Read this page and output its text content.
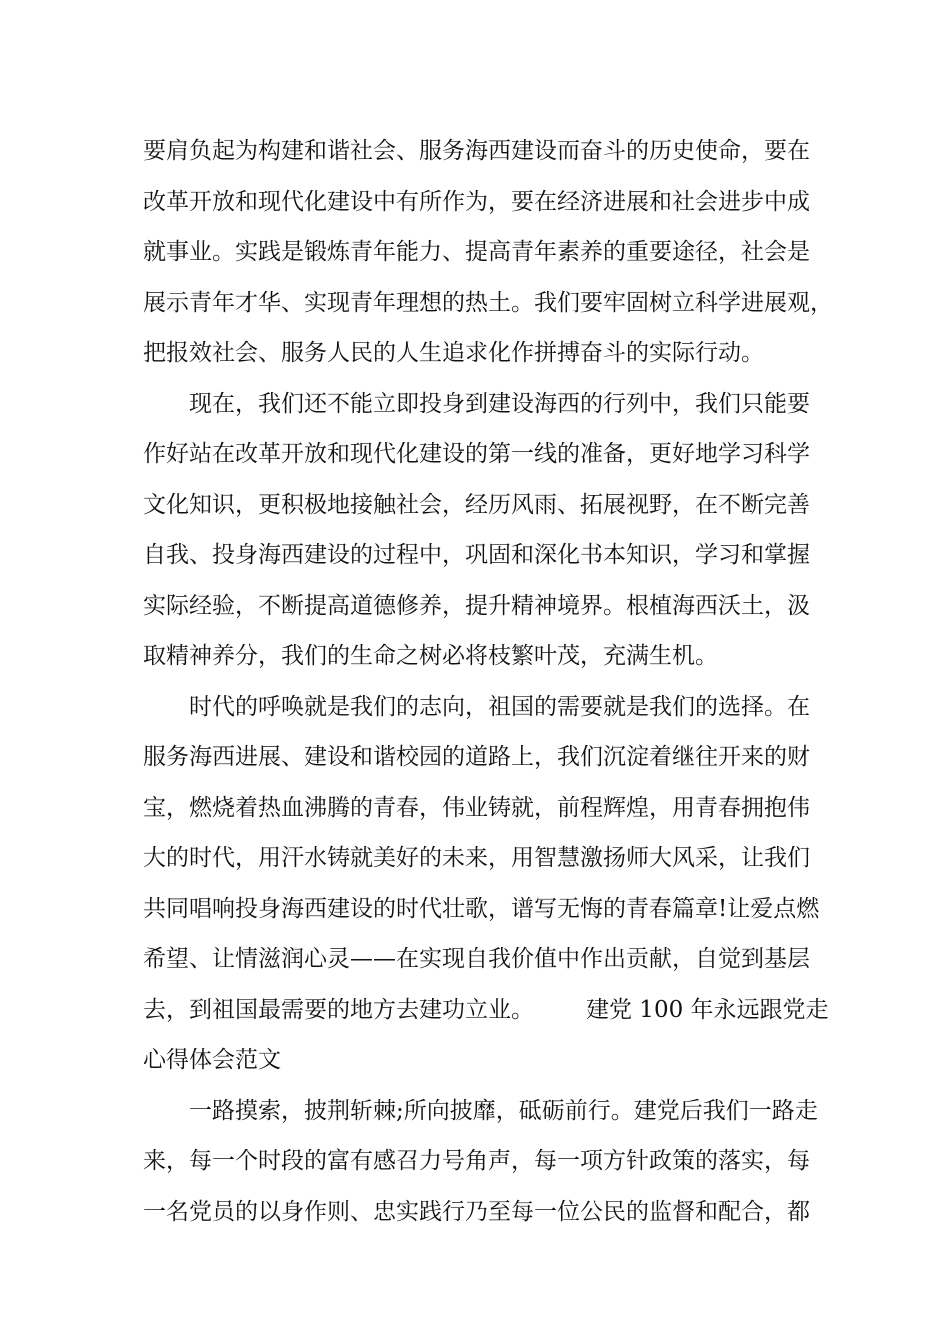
要肩负起为构建和谐社会、服务海西建设而奋斗的历史使命，要在
改革开放和现代化建设中有所作为，要在经济进展和社会进步中成
就事业。实践是锻炼青年能力、提高青年素养的重要途径，社会是
展示青年才华、实现青年理想的热土。我们要牢固树立科学进展观，
把报效社会、服务人民的人生追求化作拼搏奋斗的实际行动。
现在，我们还不能立即投身到建设海西的行列中，我们只能要
作好站在改革开放和现代化建设的第一线的准备，更好地学习科学
文化知识，更积极地接触社会，经历风雨、拓展视野，在不断完善
自我、投身海西建设的过程中，巩固和深化书本知识，学习和掌握
实际经验，不断提高道德修养，提升精神境界。根植海西沃土，汲
取精神养分，我们的生命之树必将枝繁叶茂，充满生机。
时代的呼唤就是我们的志向，祖国的需要就是我们的选择。在
服务海西进展、建设和谐校园的道路上，我们沉淀着继往开来的财
宝，燃烧着热血沸腾的青春，伟业铸就，前程辉煌，用青春拥抱伟
大的时代，用汗水铸就美好的未来，用智慧激扬师大风采，让我们
共同唱响投身海西建设的时代壮歌，谱写无悔的青春篇章!让爱点燃
希望、让情滋润心灵——在实现自我价值中作出贡献，自觉到基层
去，到祖国最需要的地方去建功立业。 建党 100 年永远跟党走
心得体会范文
一路摸索，披荆斩棘;所向披靡，砥砺前行。建党后我们一路走
来，每一个时段的富有感召力号角声，每一项方针政策的落实，每
一名党员的以身作则、忠实践行乃至每一位公民的监督和配合，都
